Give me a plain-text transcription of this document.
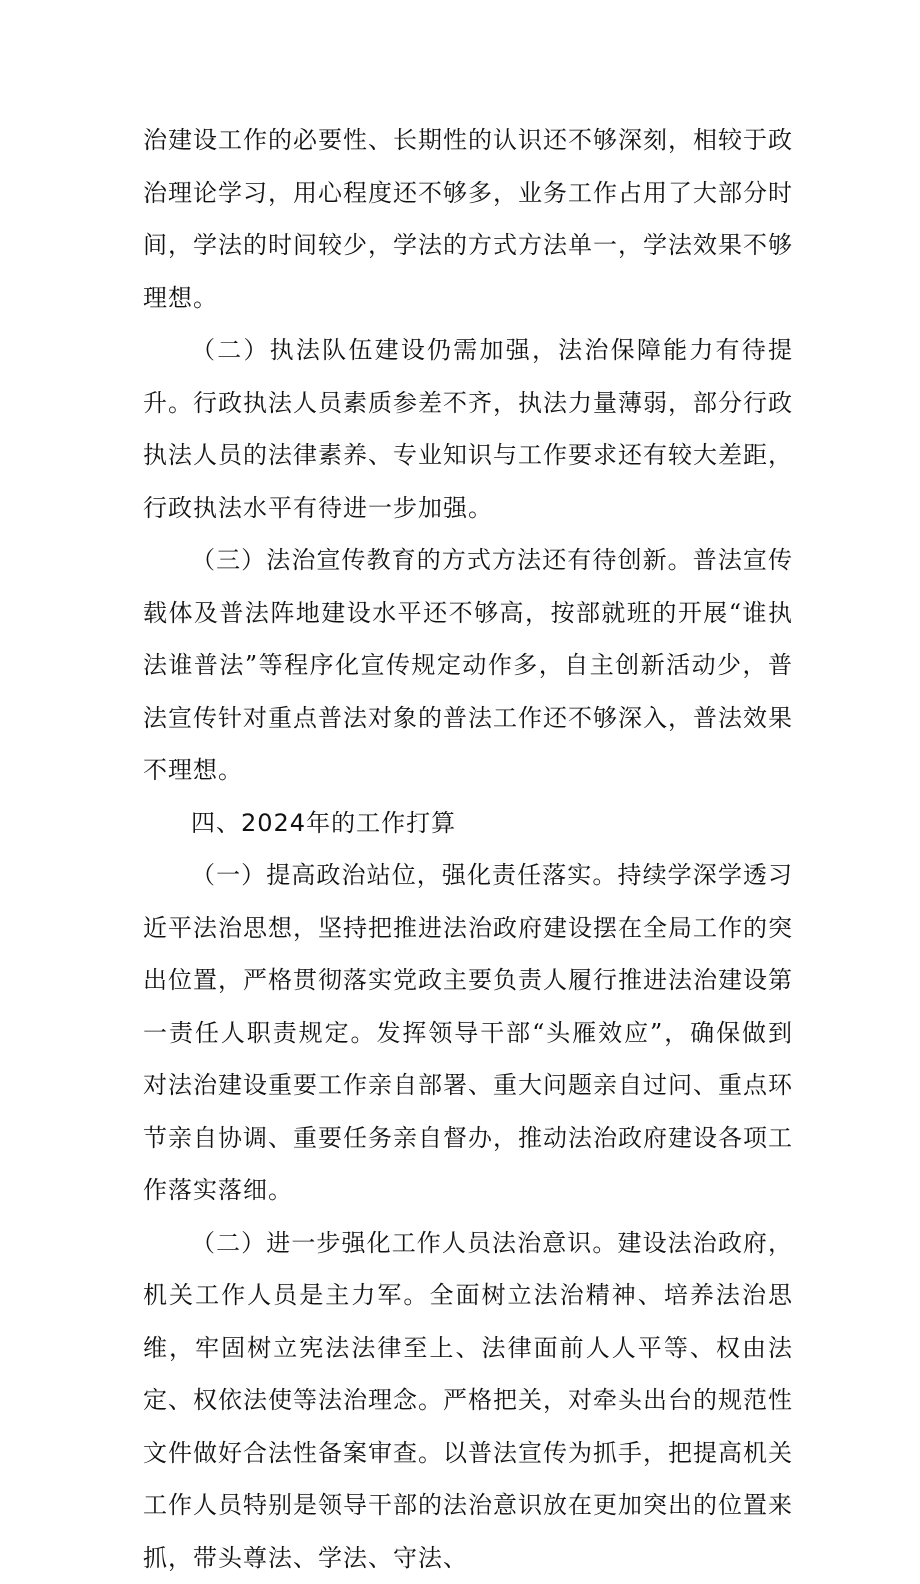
治建设工作的必要性、长期性的认识还不够深刻，相较于政治理论学习，用心程度还不够多，业务工作占用了大部分时间，学法的时间较少，学法的方式方法单一，学法效果不够理想。

（二）执法队伍建设仍需加强，法治保障能力有待提升。行政执法人员素质参差不齐，执法力量薄弱，部分行政执法人员的法律素养、专业知识与工作要求还有较大差距，行政执法水平有待进一步加强。

（三）法治宣传教育的方式方法还有待创新。普法宣传载体及普法阵地建设水平还不够高，按部就班的开展“谁执法谁普法”等程序化宣传规定动作多，自主创新活动少，普法宣传针对重点普法对象的普法工作还不够深入，普法效果不理想。

四、2024年的工作打算

（一）提高政治站位，强化责任落实。持续学深学透习近平法治思想，坚持把推进法治政府建设摆在全局工作的突出位置，严格贯彻落实党政主要负责人履行推进法治建设第一责任人职责规定。发挥领导干部“头雁效应”，确保做到对法治建设重要工作亲自部署、重大问题亲自过问、重点环节亲自协调、重要任务亲自督办，推动法治政府建设各项工作落实落细。

（二）进一步强化工作人员法治意识。建设法治政府，机关工作人员是主力军。全面树立法治精神、培养法治思维，牢固树立宪法法律至上、法律面前人人平等、权由法定、权依法使等法治理念。严格把关，对牵头出台的规范性文件做好合法性备案审查。以普法宣传为抓手，把提高机关工作人员特别是领导干部的法治意识放在更加突出的位置来抓，带头尊法、学法、守法、
